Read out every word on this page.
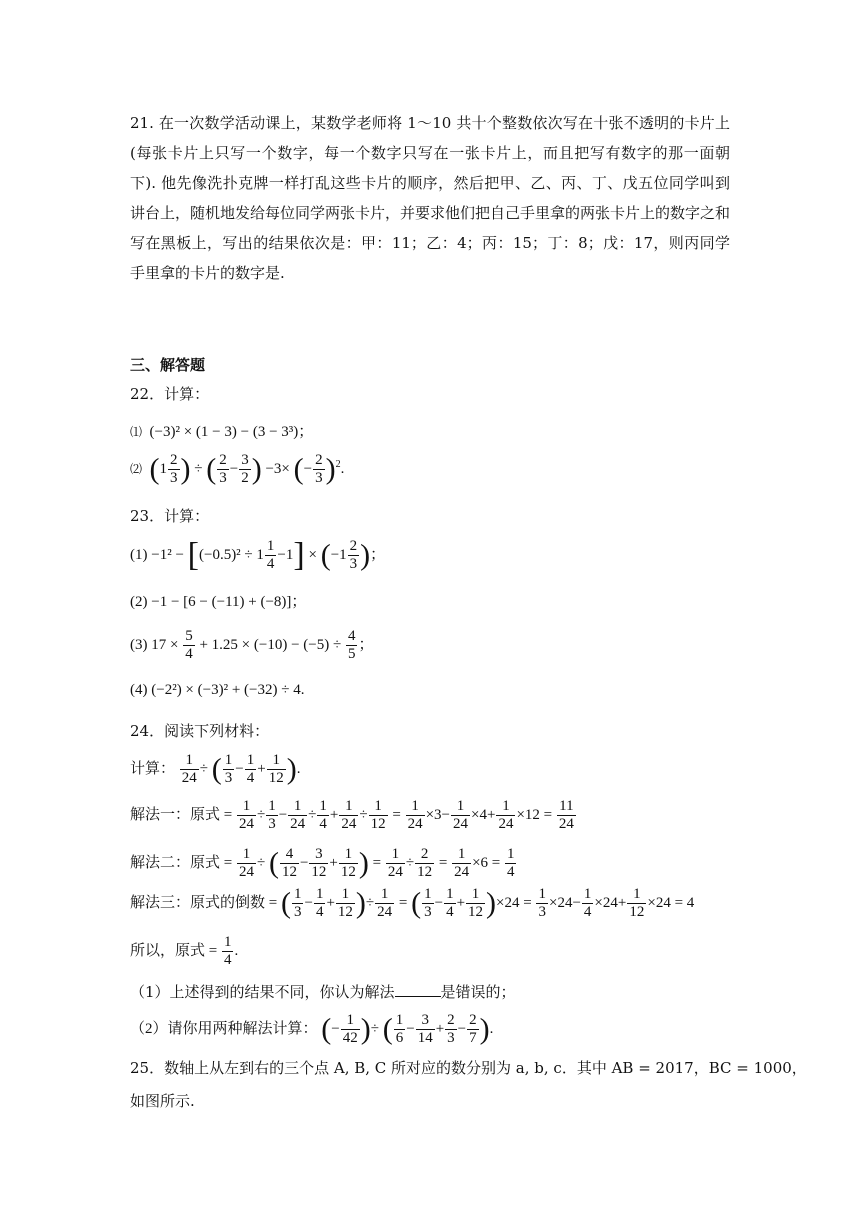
21. 在一次数学活动课上，某数学老师将 1～10 共十个整数依次写在十张不透明的卡片上(每张卡片上只写一个数字，每一个数字只写在一张卡片上，而且把写有数字的那一面朝下). 他先像洗扑克牌一样打乱这些卡片的顺序，然后把甲、乙、丙、丁、戊五位同学叫到讲台上，随机地发给每位同学两张卡片，并要求他们把自己手里拿的两张卡片上的数字之和写在黑板上，写出的结果依次是：甲：11；乙：4；丙：15；丁：8；戊：17，则丙同学手里拿的卡片的数字是.
三、解答题
22．计算：
⑴ (−3)² × (1 − 3) − (3 − 3³)；
⑵ ($1 \frac{2}{3}$ ) ÷ ( $\frac{2}{3} - \frac{3}{2}$ ) −3× (− $\frac{2}{3} )^2$.
23．计算：
$(1) -1^2 - [(-0.5)^2 \div 1 \frac{1}{4} -1] \times (-1 \frac{2}{3}$ )；
(2) −1 − [6 − (−11) + (−8)]；
(3) $17 \times \frac{5}{4} + 1.25 \times (-10) - (-5) \div \frac{4}{5}$ ；
(4) (−2²) × (−3)² + (−32) ÷ 4.
24．阅读下列材料：
计算： $\frac{1}{24}$ ÷ ( $\frac{1}{3} - \frac{1}{4} + \frac{1}{12}$ ).
解法一：原式 = $\frac{1}{24} \div \frac{1}{3} - \frac{1}{24} \div \frac{1}{4} + \frac{1}{24} \div \frac{1}{12} = \frac{1}{24} \times 3- \frac{1}{24} \times 4+ \frac{1}{24} \times 12 = \frac{11}{24}$
解法二：原式 = $\frac{1}{24}$ ÷ ( $\frac{4}{12} - \frac{3}{12} + \frac{1}{12}$ ) = $\frac{1}{24} \div \frac{2}{12} = \frac{1}{24} \times 6 = \frac{1}{4}$
解法三：原式的倒数 = ( $\frac{1}{3} - \frac{1}{4} + \frac{1}{12}$ )÷ $\frac{1}{24}$ = ( $\frac{1}{3} - \frac{1}{4} + \frac{1}{12} )\times 24 = \frac{1}{3} \times 24- \frac{1}{4} \times 24+ \frac{1}{12} \times 24 = 4$
所以，原式 = $\frac{1}{4}$ .
（1）上述得到的结果不同，你认为解法	是错误的；
（2）请你用两种解法计算： (− $\frac{1}{42}$ )÷ ( $\frac{1}{6} - \frac{3}{14} + \frac{2}{3} - \frac{2}{7}$ ).
25．数轴上从左到右的三个点 A, B, C 所对应的数分别为 a, b, c．其中 AB = 2017，BC = 1000，
如图所示.
